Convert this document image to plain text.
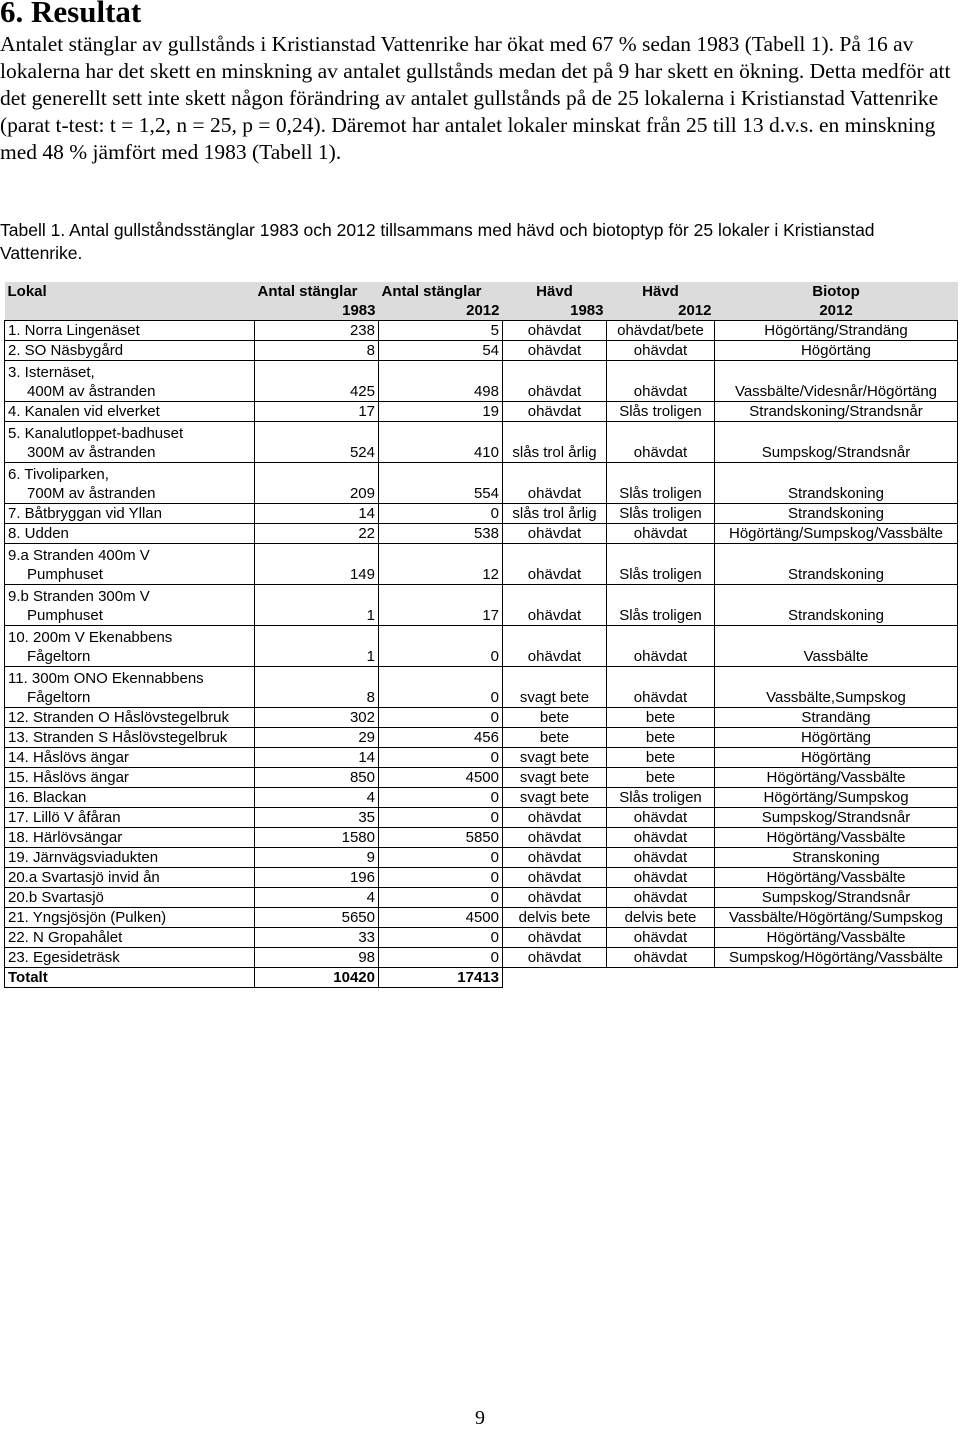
6. Resultat
Antalet stänglar av gullstånds i Kristianstad Vattenrike har ökat med 67 % sedan 1983 (Tabell 1). På 16 av lokalerna har det skett en minskning av antalet gullstånds medan det på 9 har skett en ökning. Detta medför att det generellt sett inte skett någon förändring av antalet gullstånds på de 25 lokalerna i Kristianstad Vattenrike (parat t-test: t = 1,2, n = 25, p = 0,24). Däremot har antalet lokaler minskat från 25 till 13 d.v.s. en minskning med 48 % jämfört med 1983 (Tabell 1).
Tabell 1. Antal gullståndsstänglar 1983 och 2012 tillsammans med hävd och biotoptyp för 25 lokaler i Kristianstad Vattenrike.
Lokal	Antal stänglar	Antal stänglar	Hävd	Hävd	Biotop
	1983	2012	1983	2012	2012

1. Norra Lingenäset	238	5	ohävdat	ohävdat/bete	Högörtäng/Strandäng

2. SO Näsbygård	8	54	ohävdat	ohävdat	Högörtäng

3. Isternäset,
400M av åstranden	425	498	ohävdat	ohävdat	Vassbälte/Videsnår/Högörtäng

4. Kanalen vid elverket	17	19	ohävdat	Slås troligen	Strandskoning/Strandsnår

5. Kanalutloppet-badhuset
300M av åstranden	524	410	slås trol årlig	ohävdat	Sumpskog/Strandsnår

6. Tivoliparken,
700M av åstranden	209	554	ohävdat	Slås troligen	Strandskoning

7. Båtbryggan vid Yllan	14	0	slås trol årlig	Slås troligen	Strandskoning

8. Udden	22	538	ohävdat	ohävdat	Högörtäng/Sumpskog/Vassbälte

9.a Stranden 400m V
Pumphuset	149	12	ohävdat	Slås troligen	Strandskoning

9.b Stranden 300m V
Pumphuset	1	17	ohävdat	Slås troligen	Strandskoning

10. 200m V Ekenabbens
Fågeltorn	1	0	ohävdat	ohävdat	Vassbälte

11. 300m ONO Ekennabbens
Fågeltorn	8	0	svagt bete	ohävdat	Vassbälte,Sumpskog

12. Stranden O Håslövstegelbruk	302	0	bete	bete	Strandäng

13. Stranden S Håslövstegelbruk	29	456	bete	bete	Högörtäng

14. Håslövs ängar	14	0	svagt bete	bete	Högörtäng

15. Håslövs ängar	850	4500	svagt bete	bete	Högörtäng/Vassbälte

16. Blackan	4	0	svagt bete	Slås troligen	Högörtäng/Sumpskog

17. Lillö V åfåran	35	0	ohävdat	ohävdat	Sumpskog/Strandsnår

18. Härlövsängar	1580	5850	ohävdat	ohävdat	Högörtäng/Vassbälte

19. Järnvägsviadukten	9	0	ohävdat	ohävdat	Stranskoning

20.a Svartasjö invid ån	196	0	ohävdat	ohävdat	Högörtäng/Vassbälte

20.b Svartasjö	4	0	ohävdat	ohävdat	Sumpskog/Strandsnår

21. Yngsjösjön (Pulken)	5650	4500	delvis bete	delvis bete	Vassbälte/Högörtäng/Sumpskog

22. N Gropahålet	33	0	ohävdat	ohävdat	Högörtäng/Vassbälte

23. Egesideträsk	98	0	ohävdat	ohävdat	Sumpskog/Högörtäng/Vassbälte
Totalt	10420	17413			
9
